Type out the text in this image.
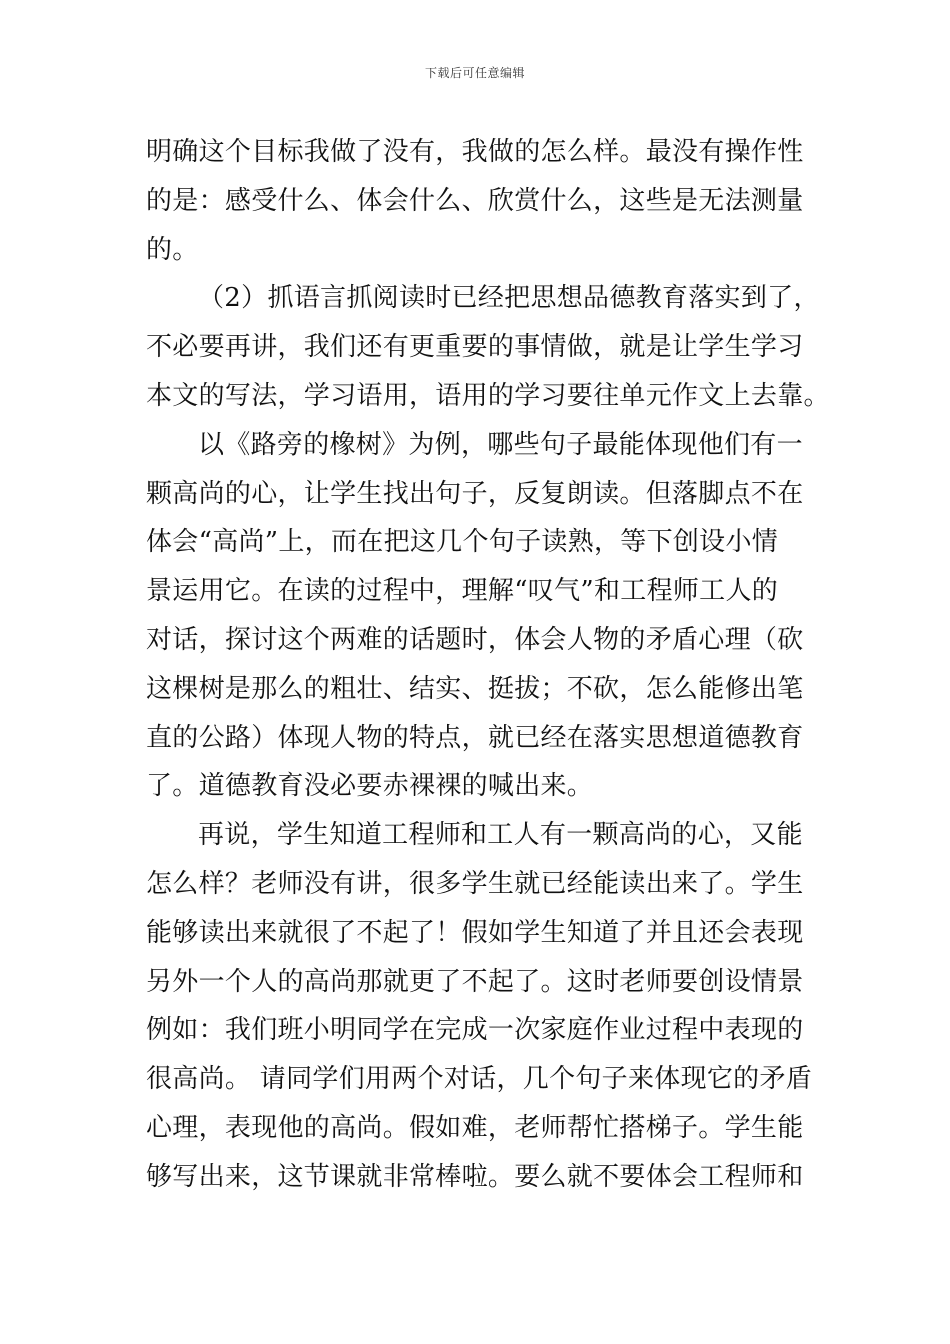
下载后可任意编辑
明确这个目标我做了没有，我做的怎么样。最没有操作性
的是：感受什么、体会什么、欣赏什么，这些是无法测量
的。
（2）抓语言抓阅读时已经把思想品德教育落实到了，
不必要再讲，我们还有更重要的事情做，就是让学生学习
本文的写法，学习语用，语用的学习要往单元作文上去靠。
以《路旁的橡树》为例，哪些句子最能体现他们有一
颗高尚的心，让学生找出句子，反复朗读。但落脚点不在
体会“高尚”上，而在把这几个句子读熟，等下创设小情
景运用它。在读的过程中，理解“叹气”和工程师工人的
对话，探讨这个两难的话题时，体会人物的矛盾心理（砍
这棵树是那么的粗壮、结实、挺拔；不砍，怎么能修出笔
直的公路）体现人物的特点，就已经在落实思想道德教育
了。道德教育没必要赤裸裸的喊出来。
再说，学生知道工程师和工人有一颗高尚的心，又能
怎么样？老师没有讲，很多学生就已经能读出来了。学生
能够读出来就很了不起了！假如学生知道了并且还会表现
另外一个人的高尚那就更了不起了。这时老师要创设情景
例如：我们班小明同学在完成一次家庭作业过程中表现的
很高尚。 请同学们用两个对话，几个句子来体现它的矛盾
心理，表现他的高尚。假如难，老师帮忙搭梯子。学生能
够写出来，这节课就非常棒啦。要么就不要体会工程师和
